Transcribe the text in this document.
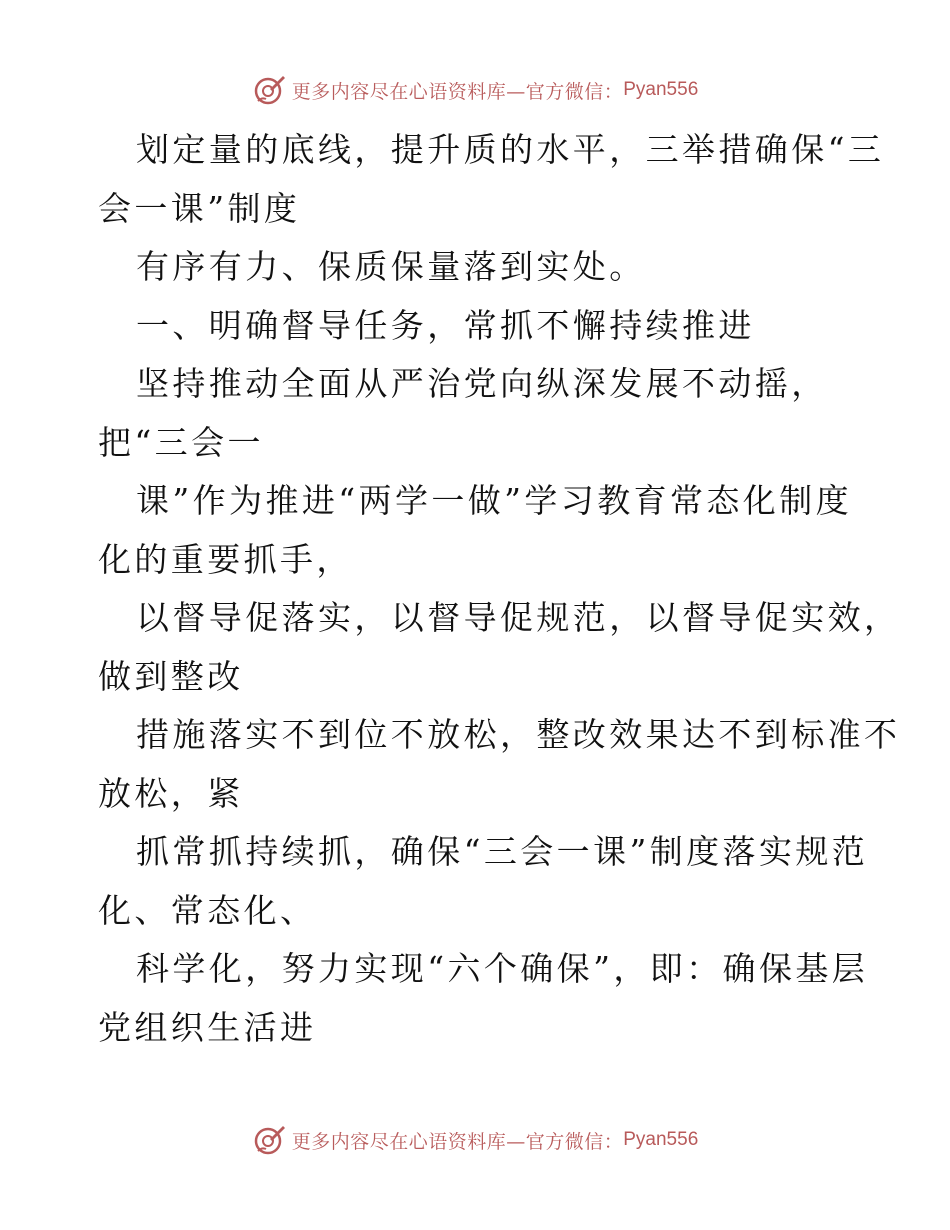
更多内容尽在心语资料库—官方微信： Pyan556
划定量的底线，提升质的水平，三举措确保“三
会一课”制度
有序有力、保质保量落到实处。
一、明确督导任务，常抓不懈持续推进
坚持推动全面从严治党向纵深发展不动摇，
把“三会一
课”作为推进“两学一做”学习教育常态化制度
化的重要抓手，
以督导促落实，以督导促规范，以督导促实效，
做到整改
措施落实不到位不放松，整改效果达不到标准不
放松，紧
抓常抓持续抓，确保“三会一课”制度落实规范
化、常态化、
科学化，努力实现“六个确保”，即：确保基层
党组织生活进
更多内容尽在心语资料库—官方微信： Pyan556
